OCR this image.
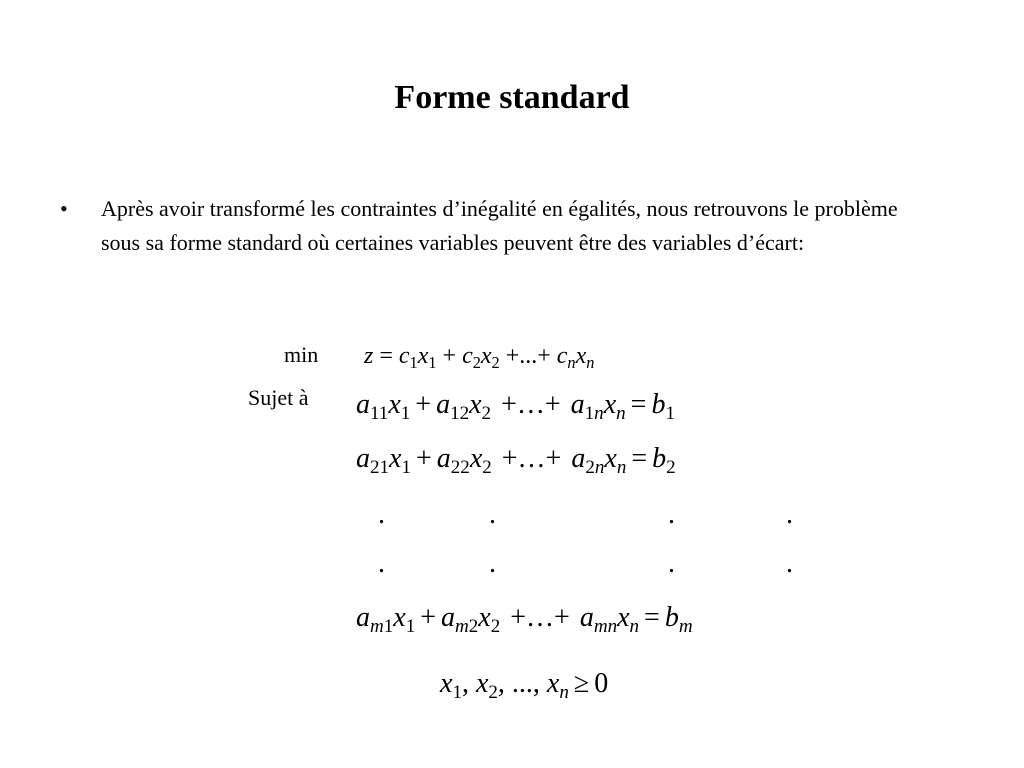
Forme standard
• Après avoir transformé les contraintes d’inégalité en égalités, nous retrouvons le problème sous sa forme standard où certaines variables peuvent être des variables d’écart:
min
Sujet à
$z = c_1x_1 + c_2x_2$ +...+ $c_nx_n$
$a_{11}x_1 + a_{12}x_2$ +…+ $a_{1n}x_n = b_1$
$a_{21}x_1 + a_{22}x_2$ +…+ $a_{2n}x_n = b_2$
.	.	.	.
.	.	.	.
$a_{m1}x_1 + a_{m2}x_2$ +…+ $a_{mn}x_n = b_m$
$x_1$, $x_2$, ..., $x_n \ge 0$
